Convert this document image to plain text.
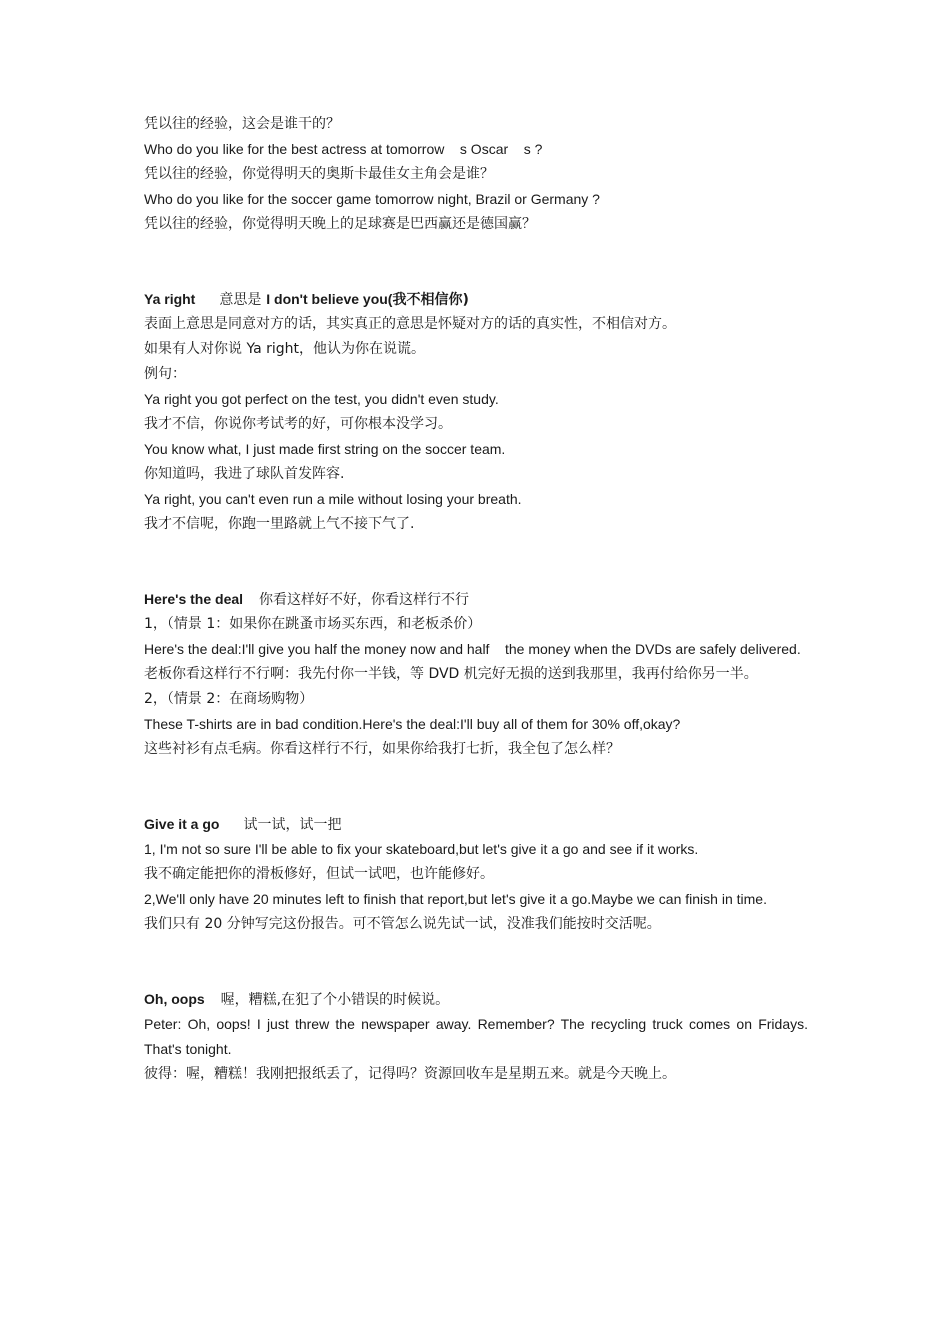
凭以往的经验，这会是谁干的？
Who do you like for the best actress at tomorrow    s Oscar    s ?
凭以往的经验，你觉得明天的奥斯卡最佳女主角会是谁？
Who do you like for the soccer game tomorrow night, Brazil or Germany ?
凭以往的经验，你觉得明天晚上的足球赛是巴西赢还是德国赢？
Ya right 意思是 I don't believe you(我不相信你)
表面上意思是同意对方的话，其实真正的意思是怀疑对方的话的真实性，不相信对方。
如果有人对你说 Ya right，他认为你在说谎。
例句：
Ya right you got perfect on the test, you didn't even study.
我才不信，你说你考试考的好，可你根本没学习。
You know what, I just made first string on the soccer team.
你知道吗，我进了球队首发阵容.
Ya right, you can't even run a mile without losing your breath.
我才不信呢，你跑一里路就上气不接下气了.
Here's the deal 你看这样好不好，你看这样行不行
1，（情景 1：如果你在跳蚤市场买东西，和老板杀价）
Here's the deal:I'll give you half the money now and half    the money when the DVDs are safely delivered.
老板你看这样行不行啊：我先付你一半钱，等 DVD 机完好无损的送到我那里，我再付给你另一半。
2，（情景 2：在商场购物）
These T-shirts are in bad condition.Here's the deal:I'll buy all of them for 30% off,okay?
这些衬衫有点毛病。你看这样行不行，如果你给我打七折，我全包了怎么样？
Give it a go 试一试，试一把
1, I'm not so sure I'll be able to fix your skateboard,but let's give it a go and see if it works.
我不确定能把你的滑板修好，但试一试吧，也许能修好。
2,We'll only have 20 minutes left to finish that report,but let's give it a go.Maybe we can finish in time.
我们只有 20 分钟写完这份报告。可不管怎么说先试一试，没准我们能按时交活呢。
Oh, oops 喔，糟糕,在犯了个小错误的时候说。
Peter: Oh, oops! I just threw the newspaper away. Remember? The recycling truck comes on Fridays. That's tonight.
彼得：喔，糟糕！我刚把报纸丢了，记得吗？资源回收车是星期五来。就是今天晚上。
